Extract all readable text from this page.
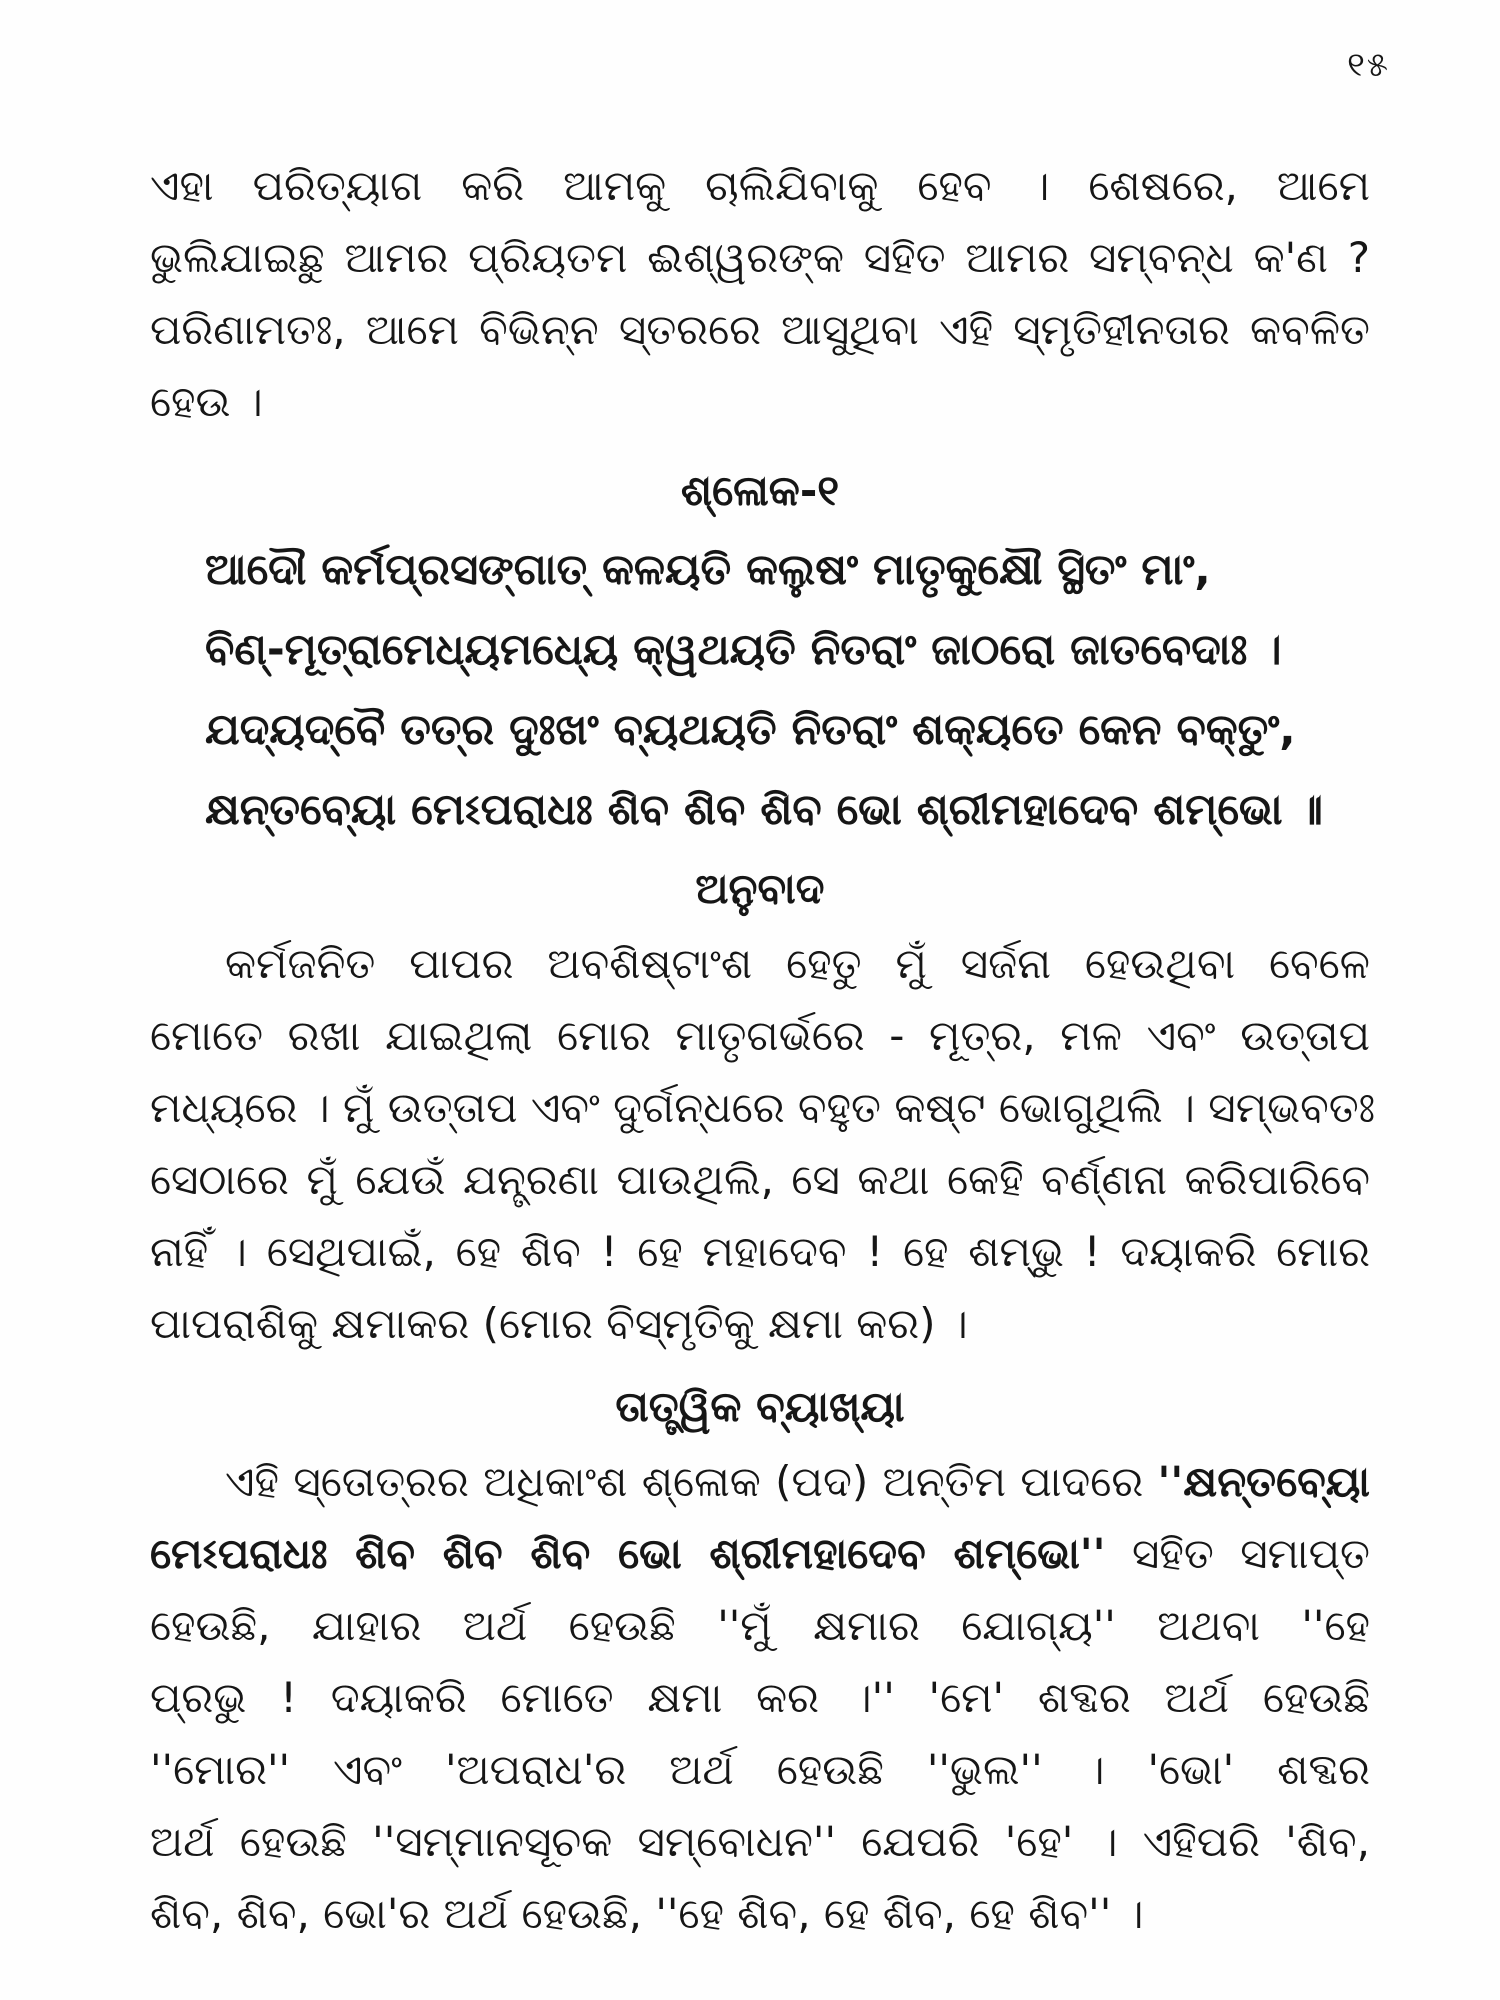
୧୫

ଏହା ପରିତ୍ୟାଗ କରି ଆମକୁ ଚାଲିଯିବାକୁ ହେବ । ଶେଷରେ, ଆମେ
ଭୁଲିଯାଇଛୁ ଆମର ପ୍ରିୟତମ ଈଶ୍ୱରଙ୍କ ସହିତ ଆମର ସମ୍ବନ୍ଧ କ'ଣ ?
ପରିଣାମତଃ, ଆମେ ବିଭିନ୍ନ ସ୍ତରରେ ଆସୁଥିବା ଏହି ସ୍ମୃତିହୀନତାର କବଳିତ
ହେଉ ।

ଶ୍ଳୋକ-୧
ଆଦୌ କର୍ମପ୍ରସଙ୍ଗାତ୍ କଳୟତି କଲୁଷଂ ମାତୃକୁକ୍ଷୌ ସ୍ଥିତଂ ମାଂ,
ବିଣ୍-ମୂତ୍ରାମେଧ୍ୟମଧ୍ୟେ କ୍ୱଥୟତି ନିତରାଂ ଜାଠରୋ ଜାତବେଦାଃ ।
ଯଦ୍ୟଦ୍‌ବୈ ତତ୍ର ଦୁଃଖଂ ବ୍ୟଥୟତି ନିତରାଂ ଶକ୍ୟତେ କେନ ବକ୍ତୁଂ,
କ୍ଷନ୍ତବ୍ୟୋ ମେଽପରାଧଃ ଶିବ ଶିବ ଶିବ ଭୋ ଶ୍ରୀମହାଦେବ ଶମ୍ଭୋ ॥
ଅନୁବାଦ

କର୍ମଜନିତ ପାପର ଅବଶିଷ୍ଟାଂଶ ହେତୁ ମୁଁ ସର୍ଜନା ହେଉଥିବା ବେଳେ
ମୋତେ ରଖା ଯାଇଥିଲା ମୋର ମାତୃଗର୍ଭରେ - ମୂତ୍ର, ମଳ ଏବଂ ଉତ୍ତାପ
ମଧ୍ୟରେ । ମୁଁ ଉତ୍ତାପ ଏବଂ ଦୁର୍ଗନ୍ଧରେ ବହୁତ କଷ୍ଟ ଭୋଗୁଥିଲି । ସମ୍ଭବତଃ
ସେଠାରେ ମୁଁ ଯେଉଁ ଯନ୍ତ୍ରଣା ପାଉଥିଲି, ସେ କଥା କେହି ବର୍ଣ୍ଣନା କରିପାରିବେ
ନାହିଁ । ସେଥିପାଇଁ, ହେ ଶିବ ! ହେ ମହାଦେବ ! ହେ ଶମ୍ଭୁ ! ଦୟାକରି ମୋର
ପାପରାଶିକୁ କ୍ଷମାକର (ମୋର ବିସ୍ମୃତିକୁ କ୍ଷମା କର) ।

ତାତ୍ତ୍ୱିକ ବ୍ୟାଖ୍ୟା

ଏହି ସ୍ତୋତ୍ରର ଅଧିକାଂଶ ଶ୍ଳୋକ (ପଦ) ଅନ୍ତିମ ପାଦରେ ''କ୍ଷନ୍ତବ୍ୟୋ
ମେଽପରାଧଃ ଶିବ ଶିବ ଶିବ ଭୋ ଶ୍ରୀମହାଦେବ ଶମ୍ଭୋ'' ସହିତ ସମାପ୍ତ
ହେଉଛି, ଯାହାର ଅର୍ଥ ହେଉଛି ''ମୁଁ କ୍ଷମାର ଯୋଗ୍ୟ'' ଅଥବା ''ହେ
ପ୍ରଭୁ ! ଦୟାକରି ମୋତେ କ୍ଷମା କର ।'' 'ମେ' ଶବ୍ଦର ଅର୍ଥ ହେଉଛି
''ମୋର'' ଏବଂ 'ଅପରାଧ'ର ଅର୍ଥ ହେଉଛି ''ଭୁଲ'' । 'ଭୋ' ଶବ୍ଦର
ଅର୍ଥ ହେଉଛି ''ସମ୍ମାନସୂଚକ ସମ୍ବୋଧନ'' ଯେପରି 'ହେ' । ଏହିପରି 'ଶିବ,
ଶିବ, ଶିବ, ଭୋ'ର ଅର୍ଥ ହେଉଛି, ''ହେ ଶିବ, ହେ ଶିବ, ହେ ଶିବ'' ।
